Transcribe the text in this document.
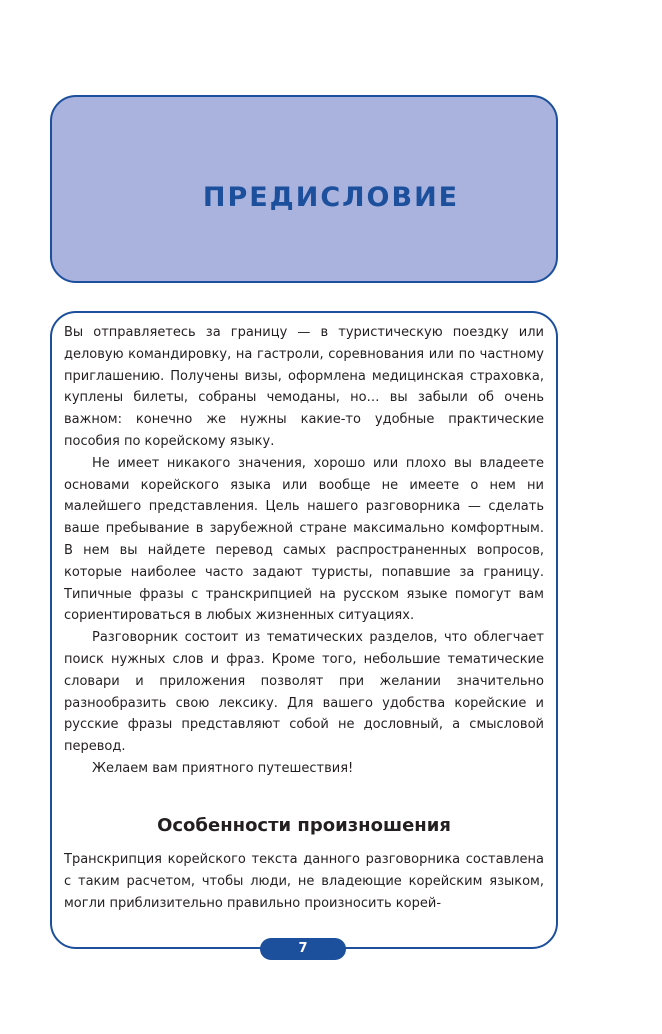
ПРЕДИСЛОВИЕ

Вы отправляетесь за границу — в туристическую поездку или деловую командировку, на гастроли, соревнования или по частному приглашению. Получены визы, оформлена медицинская страховка, куплены билеты, собраны чемоданы, но… вы забыли об очень важном: конечно же нужны какие-то удобные практические пособия по корейскому языку.

Не имеет никакого значения, хорошо или плохо вы владеете основами корейского языка или вообще не имеете о нем ни малейшего представления. Цель нашего разговорника — сделать ваше пребывание в зарубежной стране максимально комфортным. В нем вы найдете перевод самых распространенных вопросов, которые наиболее часто задают туристы, попавшие за границу. Типичные фразы с транскрипцией на русском языке помогут вам сориентироваться в любых жизненных ситуациях.

Разговорник состоит из тематических разделов, что облегчает поиск нужных слов и фраз. Кроме того, небольшие тематические словари и приложения позволят при желании значительно разнообразить свою лексику. Для вашего удобства корейские и русские фразы представляют собой не дословный, а смысловой перевод.

Желаем вам приятного путешествия!

Особенности произношения

Транскрипция корейского текста данного разговорника составлена с таким расчетом, чтобы люди, не владеющие корейским языком, могли приблизительно правильно произносить корей-

7
